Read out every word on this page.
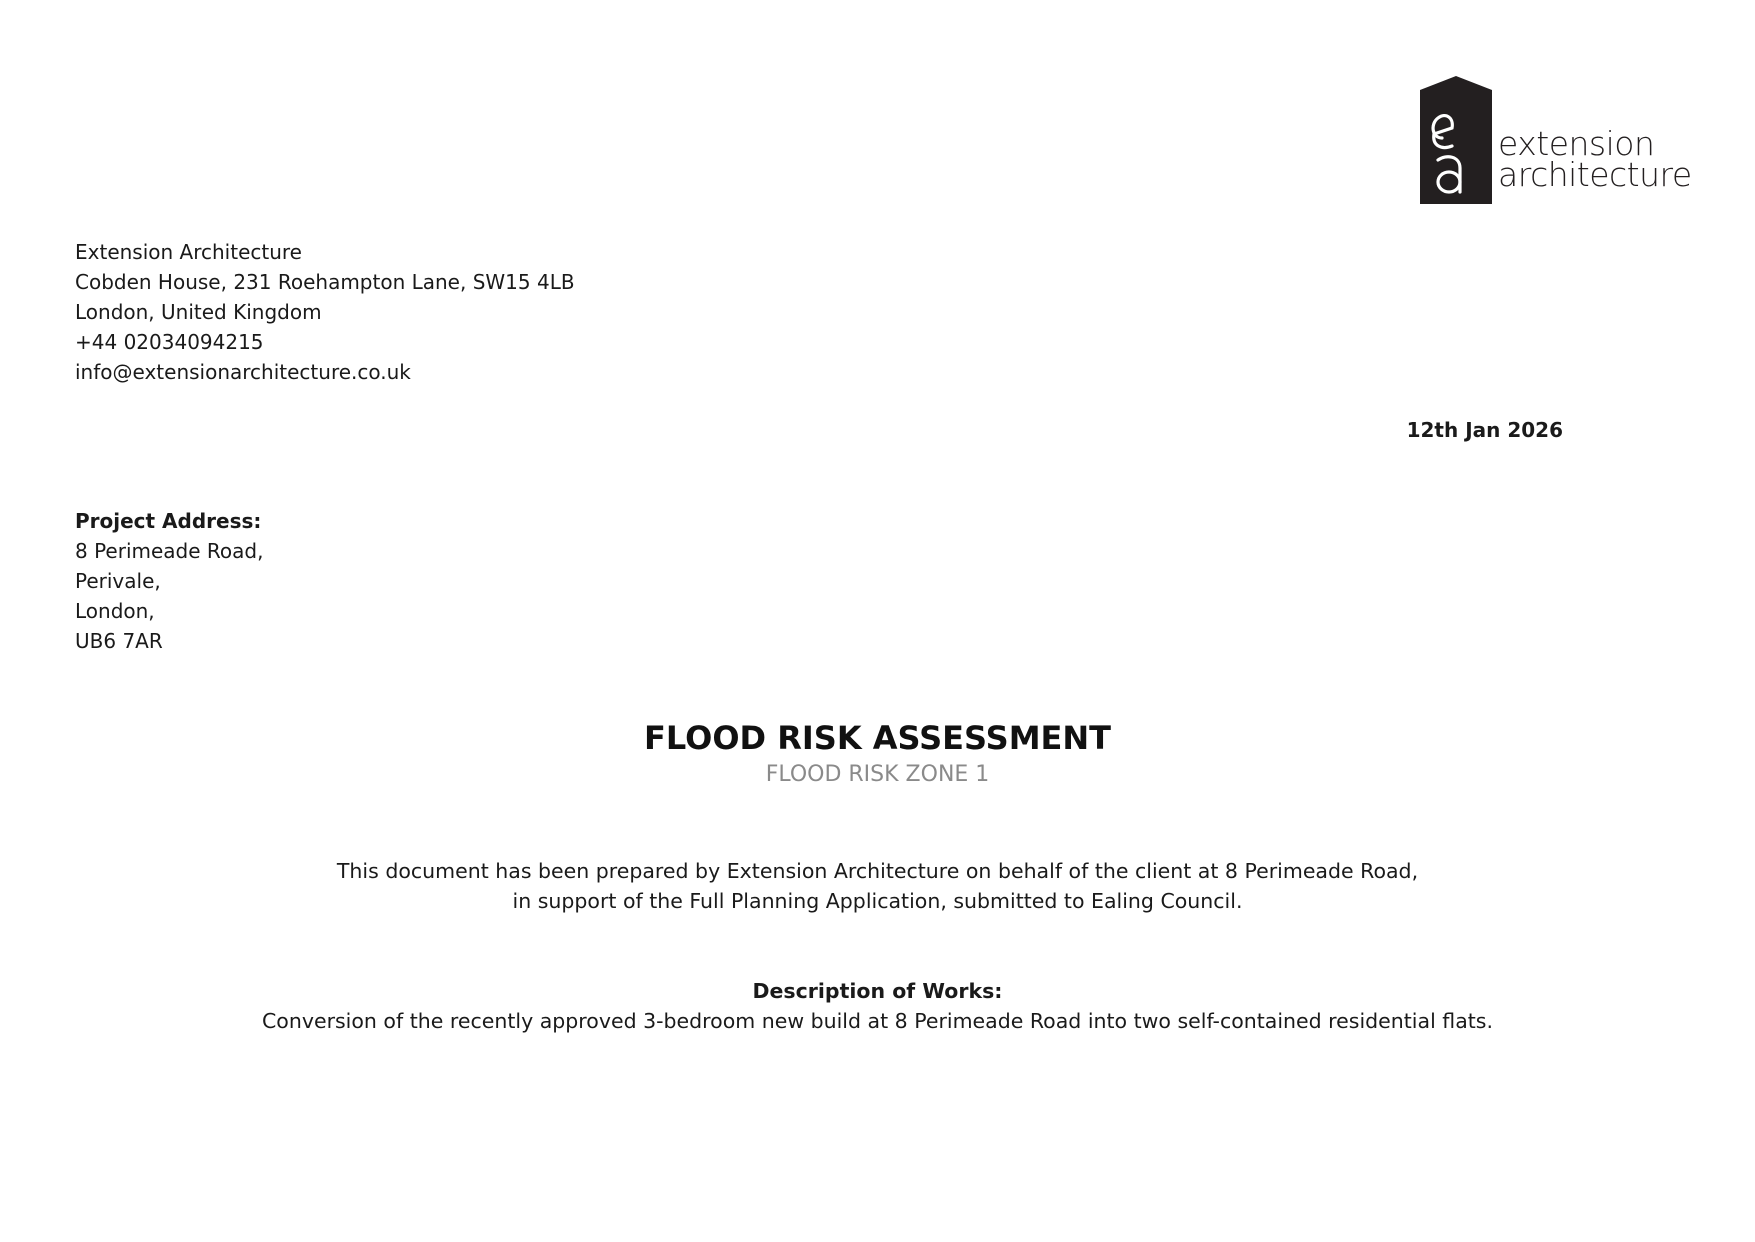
extension
architecture
Extension Architecture
Cobden House, 231 Roehampton Lane, SW15 4LB
London, United Kingdom
+44 02034094215
info@extensionarchitecture.co.uk
12th Jan 2026
Project Address:
8 Perimeade Road,
Perivale,
London,
UB6 7AR
FLOOD RISK ASSESSMENT
FLOOD RISK ZONE 1
This document has been prepared by Extension Architecture on behalf of the client at 8 Perimeade Road,
in support of the Full Planning Application, submitted to Ealing Council.
Description of Works:
Conversion of the recently approved 3-bedroom new build at 8 Perimeade Road into two self-contained residential flats.
